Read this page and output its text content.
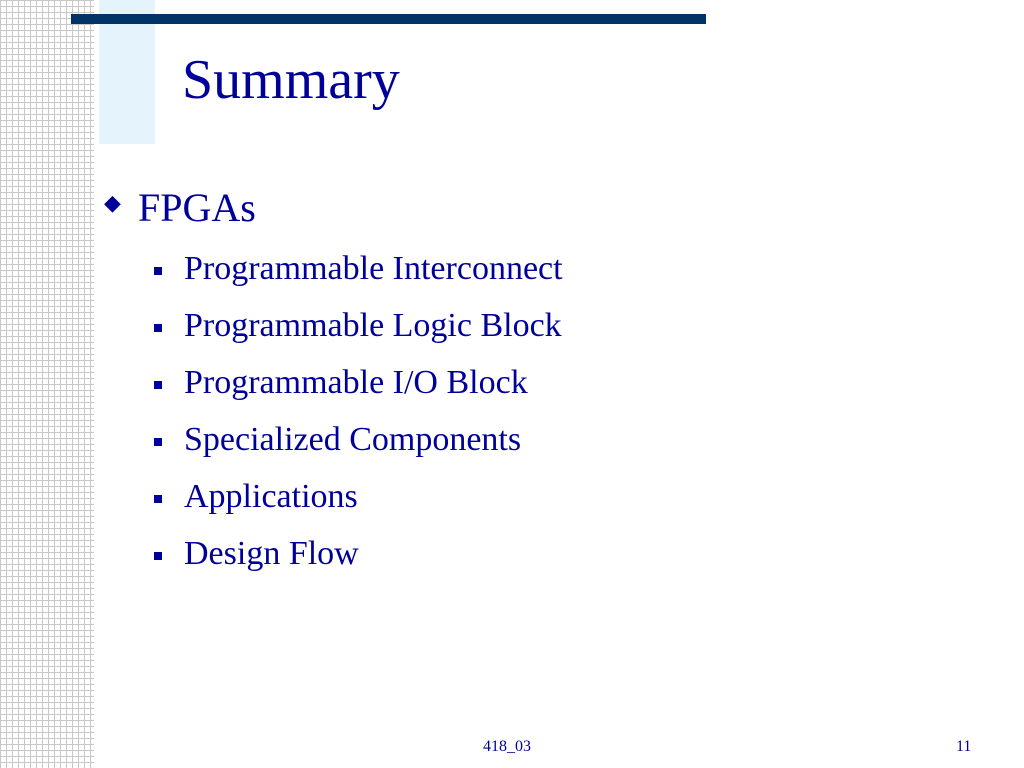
Summary
◆ FPGAs
Programmable Interconnect
Programmable Logic Block
Programmable I/O Block
Specialized Components
Applications
Design Flow
418_03	11
